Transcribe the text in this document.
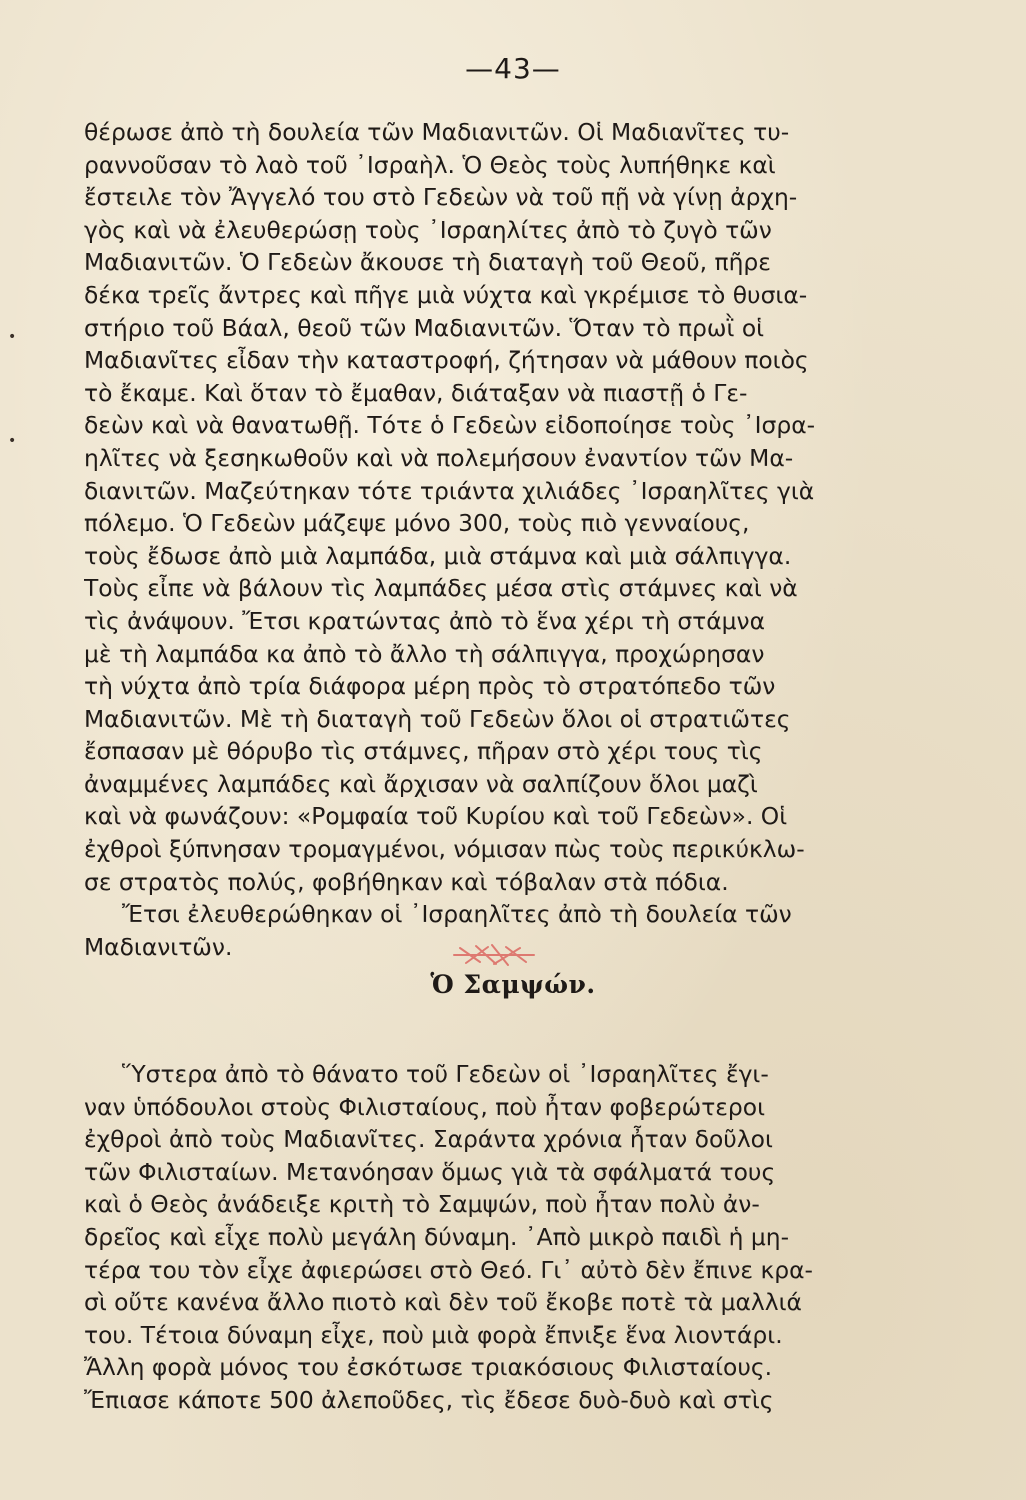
—43—
θέρωσε ἀπὸ τὴ δουλεία τῶν Μαδιανιτῶν. Οἱ Μαδιανῖτες τυ-
ραννοῦσαν τὸ λαὸ τοῦ ᾿Ισραὴλ. Ὁ Θεὸς τοὺς λυπήθηκε καὶ
ἔστειλε τὸν Ἄγγελό του στὸ Γεδεὼν νὰ τοῦ πῇ νὰ γίνῃ ἀρχη-
γὸς καὶ νὰ ἐλευθερώσῃ τοὺς ᾿Ισραηλίτες ἀπὸ τὸ ζυγὸ τῶν
Μαδιανιτῶν. Ὁ Γεδεὼν ἄκουσε τὴ διαταγὴ τοῦ Θεοῦ, πῆρε
δέκα τρεῖς ἄντρες καὶ πῆγε μιὰ νύχτα καὶ γκρέμισε τὸ θυσια-
στήριο τοῦ Βάαλ, θεοῦ τῶν Μαδιανιτῶν. Ὅταν τὸ πρωῒ οἱ
Μαδιανῖτες εἶδαν τὴν καταστροφή, ζήτησαν νὰ μάθουν ποιὸς
τὸ ἔκαμε. Καὶ ὅταν τὸ ἔμαθαν, διάταξαν νὰ πιαστῇ ὁ Γε-
δεὼν καὶ νὰ θανατωθῇ. Τότε ὁ Γεδεὼν εἰδοποίησε τοὺς ᾿Ισρα-
ηλῖτες νὰ ξεσηκωθοῦν καὶ νὰ πολεμήσουν ἐναντίον τῶν Μα-
διανιτῶν. Μαζεύτηκαν τότε τριάντα χιλιάδες ᾿Ισραηλῖτες γιὰ
πόλεμο. Ὁ Γεδεὼν μάζεψε μόνο 300, τοὺς πιὸ γενναίους,
τοὺς ἔδωσε ἀπὸ μιὰ λαμπάδα, μιὰ στάμνα καὶ μιὰ σάλπιγγα.
Τοὺς εἶπε νὰ βάλουν τὶς λαμπάδες μέσα στὶς στάμνες καὶ νὰ
τὶς ἀνάψουν. Ἔτσι κρατώντας ἀπὸ τὸ ἕνα χέρι τὴ στάμνα
μὲ τὴ λαμπάδα κα ἀπὸ τὸ ἄλλο τὴ σάλπιγγα, προχώρησαν
τὴ νύχτα ἀπὸ τρία διάφορα μέρη πρὸς τὸ στρατόπεδο τῶν
Μαδιανιτῶν. Μὲ τὴ διαταγὴ τοῦ Γεδεὼν ὅλοι οἱ στρατιῶτες
ἔσπασαν μὲ θόρυβο τὶς στάμνες, πῆραν στὸ χέρι τους τὶς
ἀναμμένες λαμπάδες καὶ ἄρχισαν νὰ σαλπίζουν ὅλοι μαζὶ
καὶ νὰ φωνάζουν: «Ρομφαία τοῦ Κυρίου καὶ τοῦ Γεδεὼν». Οἱ
ἐχθροὶ ξύπνησαν τρομαγμένοι, νόμισαν πὼς τοὺς περικύκλω-
σε στρατὸς πολύς, φοβήθηκαν καὶ τόβαλαν στὰ πόδια.
Ἔτσι ἐλευθερώθηκαν οἱ ᾿Ισραηλῖτες ἀπὸ τὴ δουλεία τῶν
Μαδιανιτῶν.
Ὁ Σαμψών.
Ὕστερα ἀπὸ τὸ θάνατο τοῦ Γεδεὼν οἱ ᾿Ισραηλῖτες ἔγι-
ναν ὑπόδουλοι στοὺς Φιλισταίους, ποὺ ἦταν φοβερώτεροι
ἐχθροὶ ἀπὸ τοὺς Μαδιανῖτες. Σαράντα χρόνια ἦταν δοῦλοι
τῶν Φιλισταίων. Μετανόησαν ὅμως γιὰ τὰ σφάλματά τους
καὶ ὁ Θεὸς ἀνάδειξε κριτὴ τὸ Σαμψών, ποὺ ἦταν πολὺ ἀν-
δρεῖος καὶ εἶχε πολὺ μεγάλη δύναμη. ᾿Απὸ μικρὸ παιδὶ ἡ μη-
τέρα του τὸν εἶχε ἀφιερώσει στὸ Θεό. Γι᾿ αὐτὸ δὲν ἔπινε κρα-
σὶ οὔτε κανένα ἄλλο πιοτὸ καὶ δὲν τοῦ ἔκοβε ποτὲ τὰ μαλλιά
του. Τέτοια δύναμη εἶχε, ποὺ μιὰ φορὰ ἔπνιξε ἕνα λιοντάρι.
Ἄλλη φορὰ μόνος του ἐσκότωσε τριακόσιους Φιλισταίους.
Ἔπιασε κάποτε 500 ἀλεποῦδες, τὶς ἔδεσε δυὸ-δυὸ καὶ στὶς
•
•
